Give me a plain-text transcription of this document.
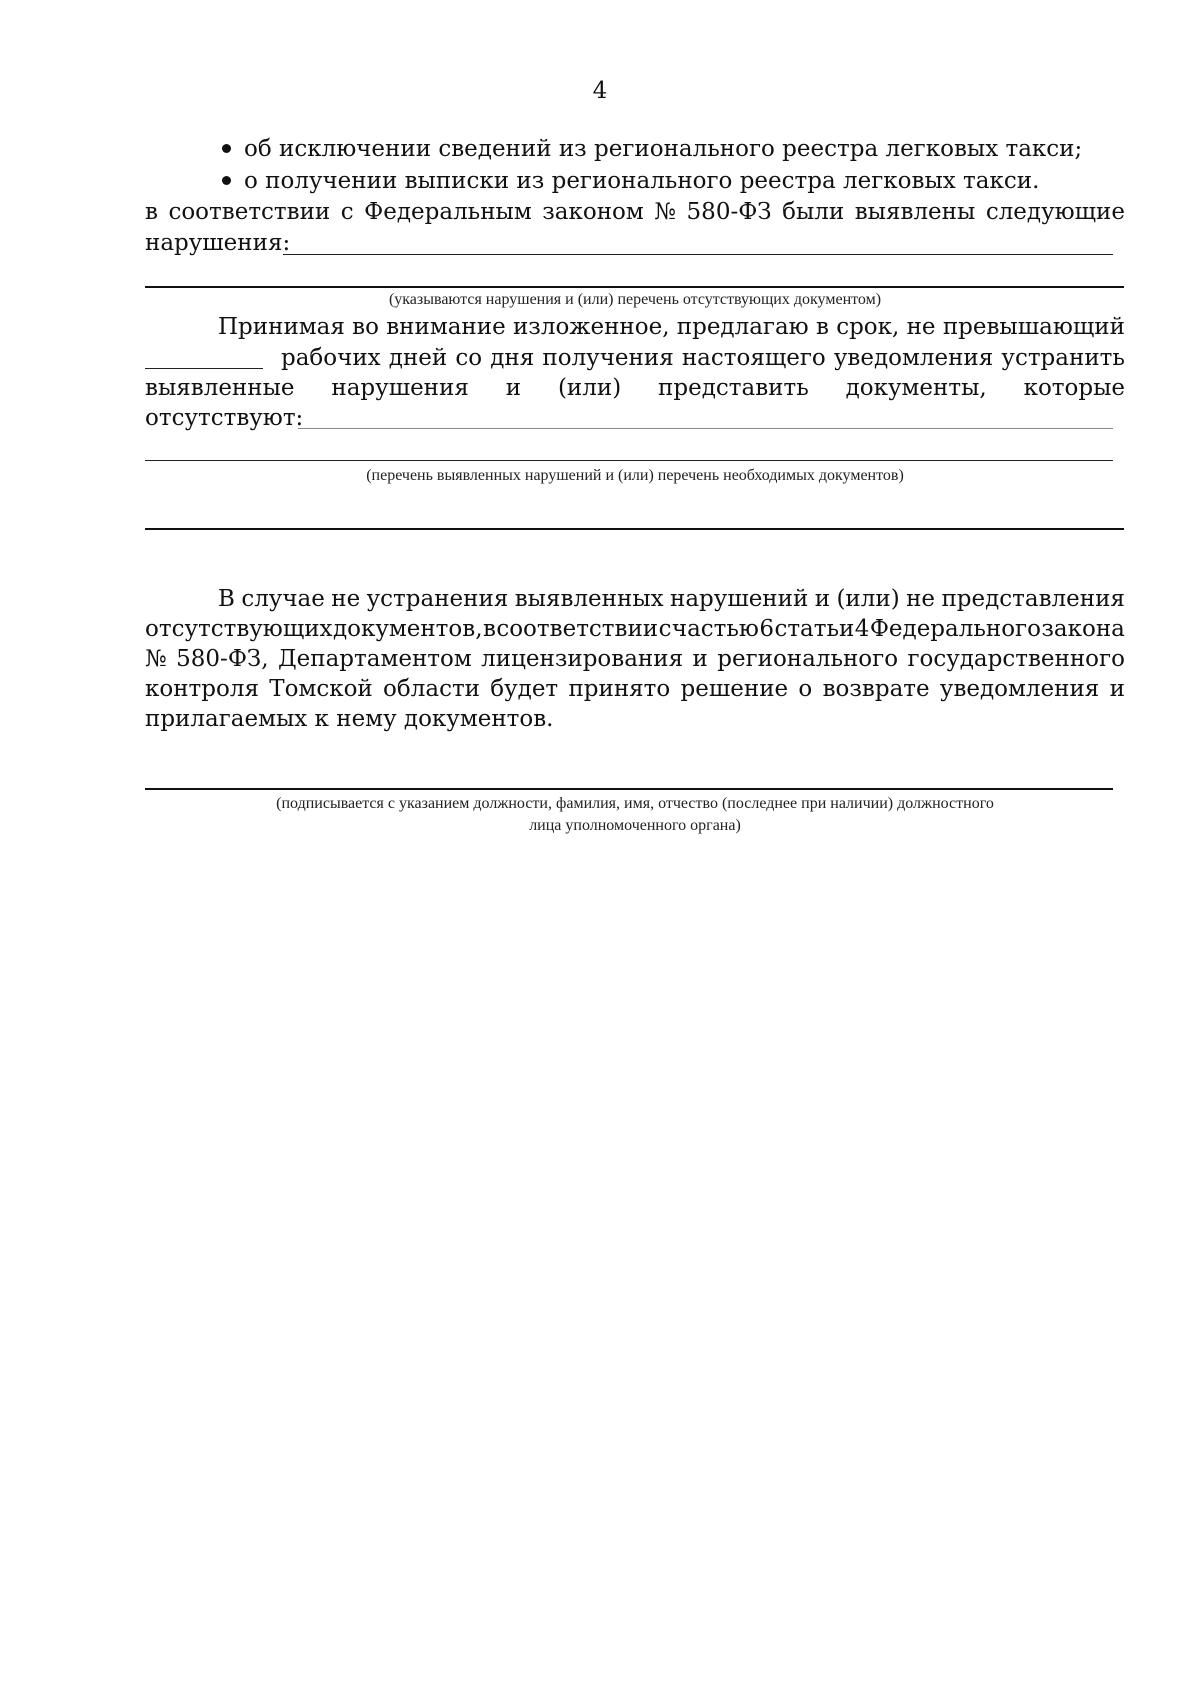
4
об исключении сведений из регионального реестра легковых такси;
о получении выписки из регионального реестра легковых такси.
в соответствии с Федеральным законом № 580-ФЗ были выявлены следующие
нарушения:
(указываются нарушения и (или) перечень отсутствующих документом)
Принимая во внимание изложенное, предлагаю в срок, не превышающий
рабочих дней со дня получения настоящего уведомления устранить
выявленные нарушения и (или) представить документы, которые
отсутствуют:
(перечень выявленных нарушений и (или) перечень необходимых документов)
В случае не устранения выявленных нарушений и (или) не представления
отсутствующих документов, в соответствии с частью 6 статьи 4 Федерального закона
№ 580-ФЗ, Департаментом лицензирования и регионального государственного
контроля Томской области будет принято решение о возврате уведомления и
прилагаемых к нему документов.
(подписывается с указанием должности, фамилия, имя, отчество (последнее при наличии) должностного
лица уполномоченного органа)
